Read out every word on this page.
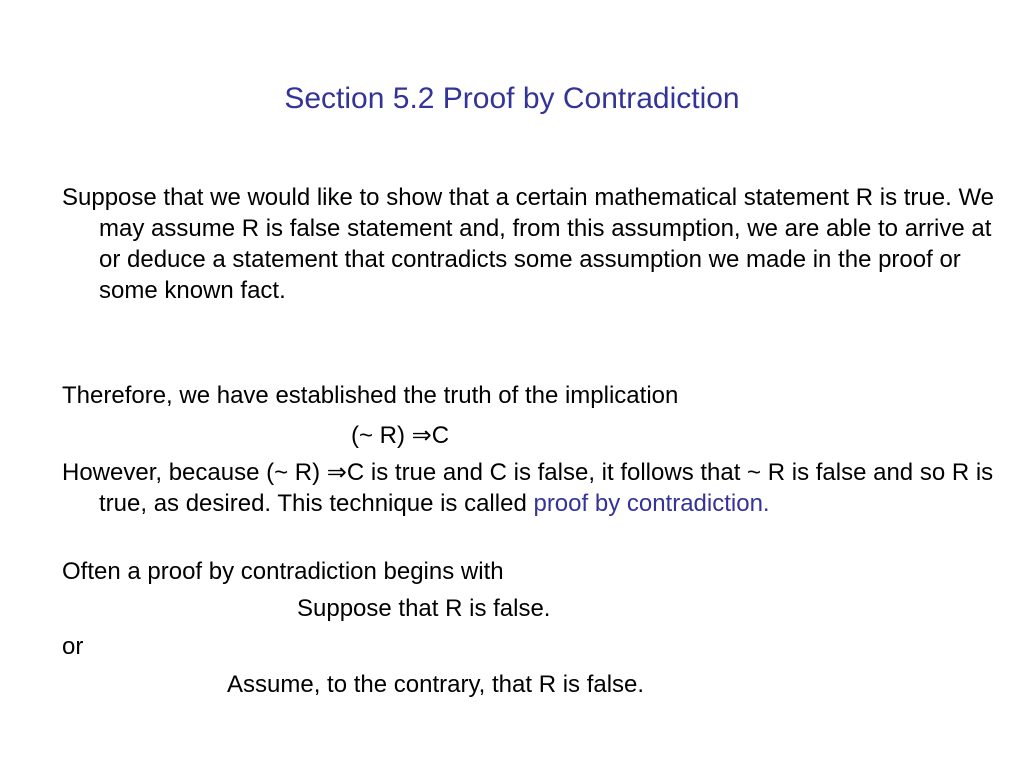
Section 5.2 Proof by Contradiction

Suppose that we would like to show that a certain mathematical statement R is true. We may assume R is false statement and, from this assumption, we are able to arrive at or deduce a statement that contradicts some assumption we made in the proof or some known fact.

Therefore, we have established the truth of the implication

(~ R) ⇒C

However, because (~ R) ⇒C is true and C is false, it follows that ~ R is false and so R is true, as desired. This technique is called proof by contradiction.

Often a proof by contradiction begins with

Suppose that R is false.
or
Assume, to the contrary, that R is false.
